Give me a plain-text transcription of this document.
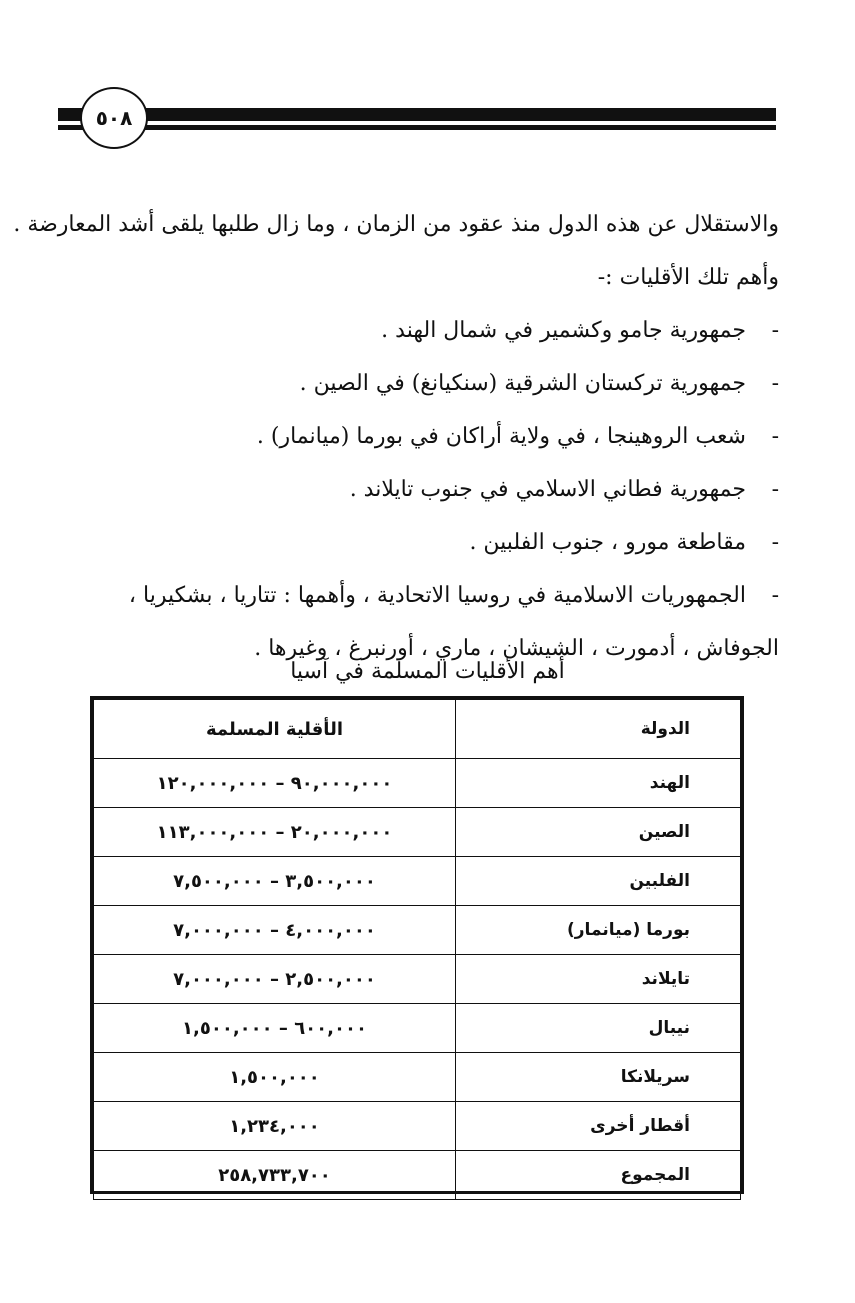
٥٠٨
والاستقلال عن هذه الدول منذ عقود من الزمان ، وما زال طلبها يلقى أشد المعارضة .
وأهم تلك الأقليات :-
- جمهورية جامو وكشمير في شمال الهند .
- جمهورية تركستان الشرقية (سنكيانغ) في الصين .
- شعب الروهينجا ، في ولاية أراكان في بورما (ميانمار) .
- جمهورية فطاني الاسلامي في جنوب تايلاند .
- مقاطعة مورو ، جنوب الفلبين .
- الجمهوريات الاسلامية في روسيا الاتحادية ، وأهمها : تتاريا ، بشكيريا ،
الجوفاش ، أدمورت ، الشيشان ، ماري ، أورنبرغ ، وغيرها .
أهم الأقليات المسلمة في آسيا
الدولة	الأقلية المسلمة
الهند	٩٠,٠٠٠,٠٠٠ – ١٢٠,٠٠٠,٠٠٠
الصين	٢٠,٠٠٠,٠٠٠ – ١١٣,٠٠٠,٠٠٠
الفلبين	٣,٥٠٠,٠٠٠ – ٧,٥٠٠,٠٠٠
بورما (ميانمار)	٤,٠٠٠,٠٠٠ – ٧,٠٠٠,٠٠٠
تايلاند	٢,٥٠٠,٠٠٠ – ٧,٠٠٠,٠٠٠
نيبال	٦٠٠,٠٠٠ – ١,٥٠٠,٠٠٠
سريلانكا	١,٥٠٠,٠٠٠
أقطار أخرى	١,٢٣٤,٠٠٠
المجموع	٢٥٨,٧٣٣,٧٠٠
